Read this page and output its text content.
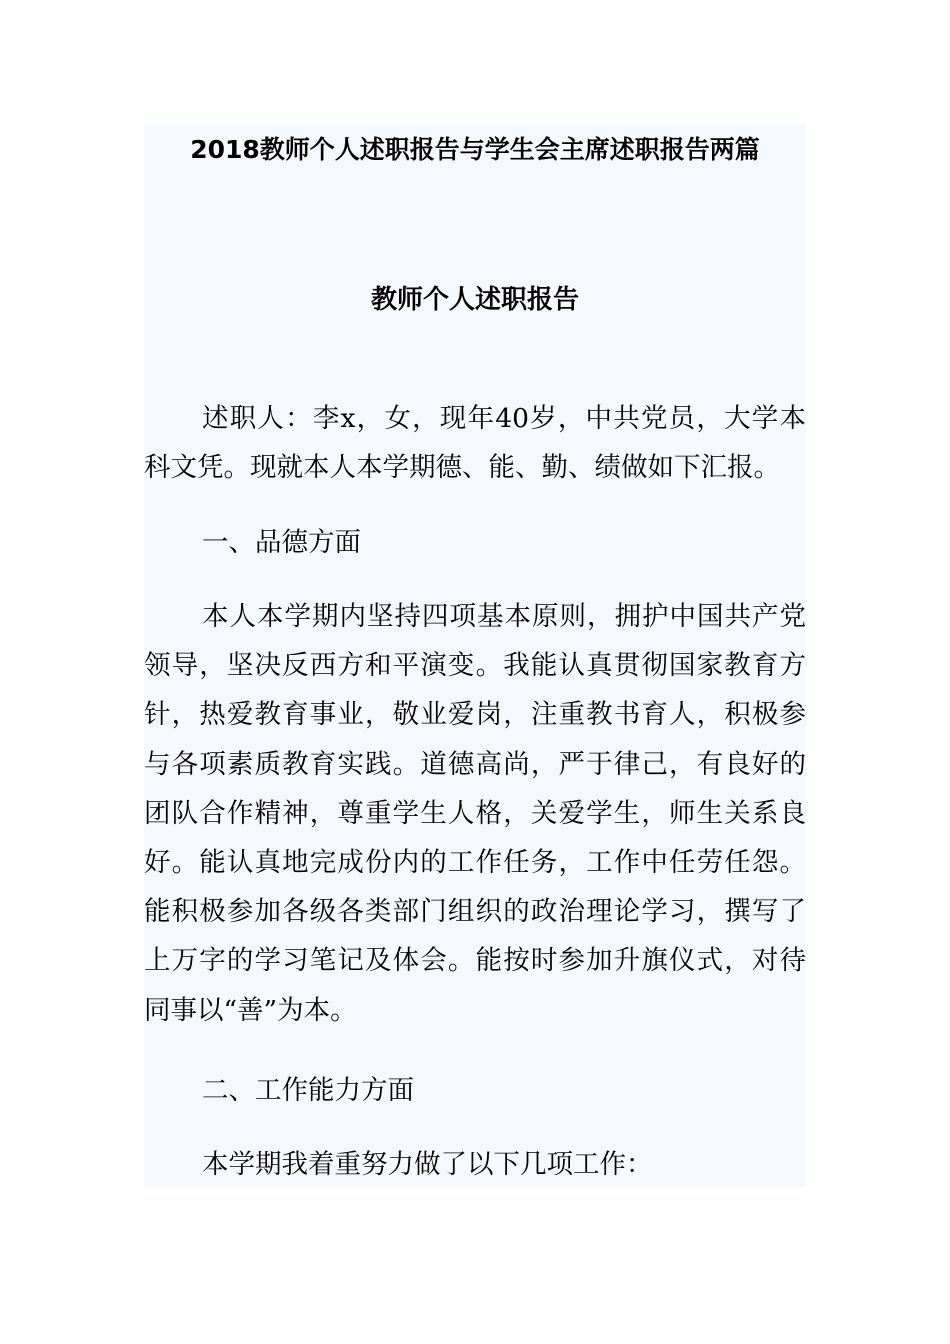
2018教师个人述职报告与学生会主席述职报告两篇
教师个人述职报告

述职人：李x，女，现年40岁，中共党员，大学本科文凭。现就本人本学期德、能、勤、绩做如下汇报。

一、品德方面

本人本学期内坚持四项基本原则，拥护中国共产党领导，坚决反西方和平演变。我能认真贯彻国家教育方针，热爱教育事业，敬业爱岗，注重教书育人，积极参与各项素质教育实践。道德高尚，严于律己，有良好的团队合作精神，尊重学生人格，关爱学生，师生关系良好。能认真地完成份内的工作任务，工作中任劳任怨。能积极参加各级各类部门组织的政治理论学习，撰写了上万字的学习笔记及体会。能按时参加升旗仪式，对待同事以“善”为本。

二、工作能力方面

本学期我着重努力做了以下几项工作：
